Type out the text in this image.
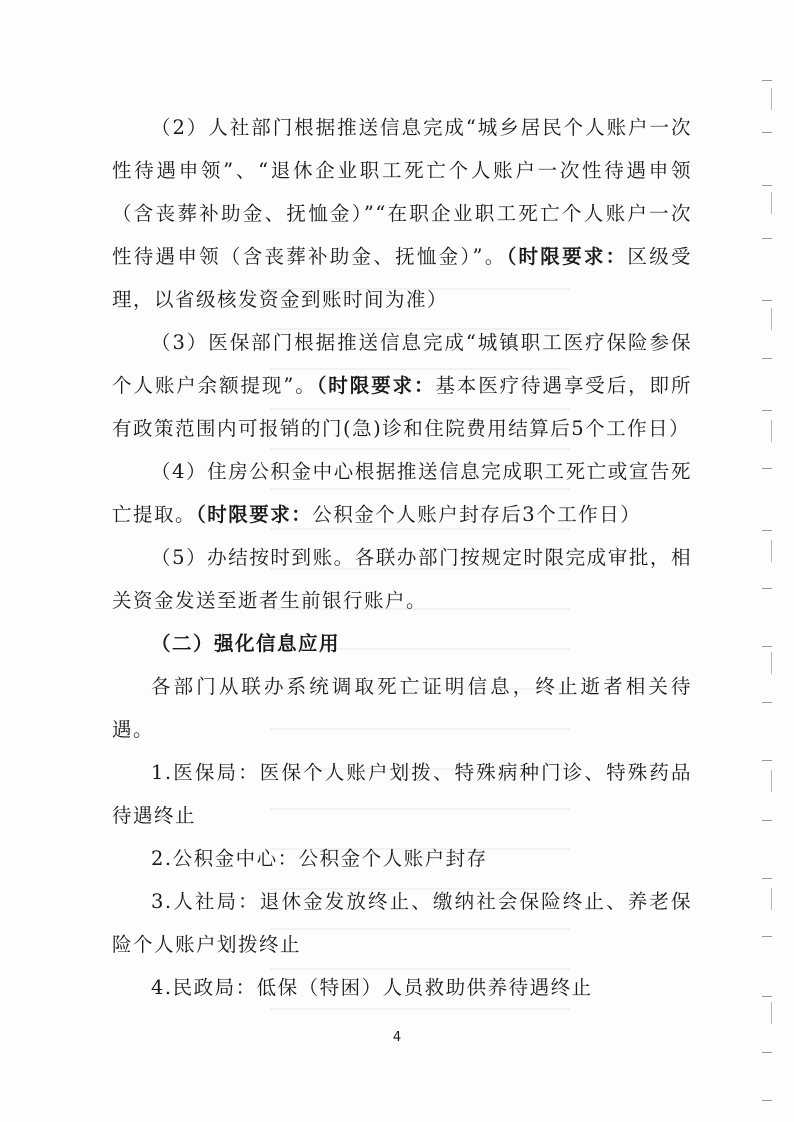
（2）人社部门根据推送信息完成“城乡居民个人账户一次性待遇申领”、“退休企业职工死亡个人账户一次性待遇申领（含丧葬补助金、抚恤金）”“在职企业职工死亡个人账户一次性待遇申领（含丧葬补助金、抚恤金）”。（时限要求：区级受理，以省级核发资金到账时间为准）

（3）医保部门根据推送信息完成“城镇职工医疗保险参保个人账户余额提现”。（时限要求：基本医疗待遇享受后，即所有政策范围内可报销的门(急)诊和住院费用结算后5个工作日）

（4）住房公积金中心根据推送信息完成职工死亡或宣告死亡提取。（时限要求：公积金个人账户封存后3个工作日）

（5）办结按时到账。各联办部门按规定时限完成审批，相关资金发送至逝者生前银行账户。

（二）强化信息应用

各部门从联办系统调取死亡证明信息，终止逝者相关待遇。

1.医保局：医保个人账户划拨、特殊病种门诊、特殊药品待遇终止

2.公积金中心：公积金个人账户封存

3.人社局：退休金发放终止、缴纳社会保险终止、养老保险个人账户划拨终止

4.民政局：低保（特困）人员救助供养待遇终止

4
